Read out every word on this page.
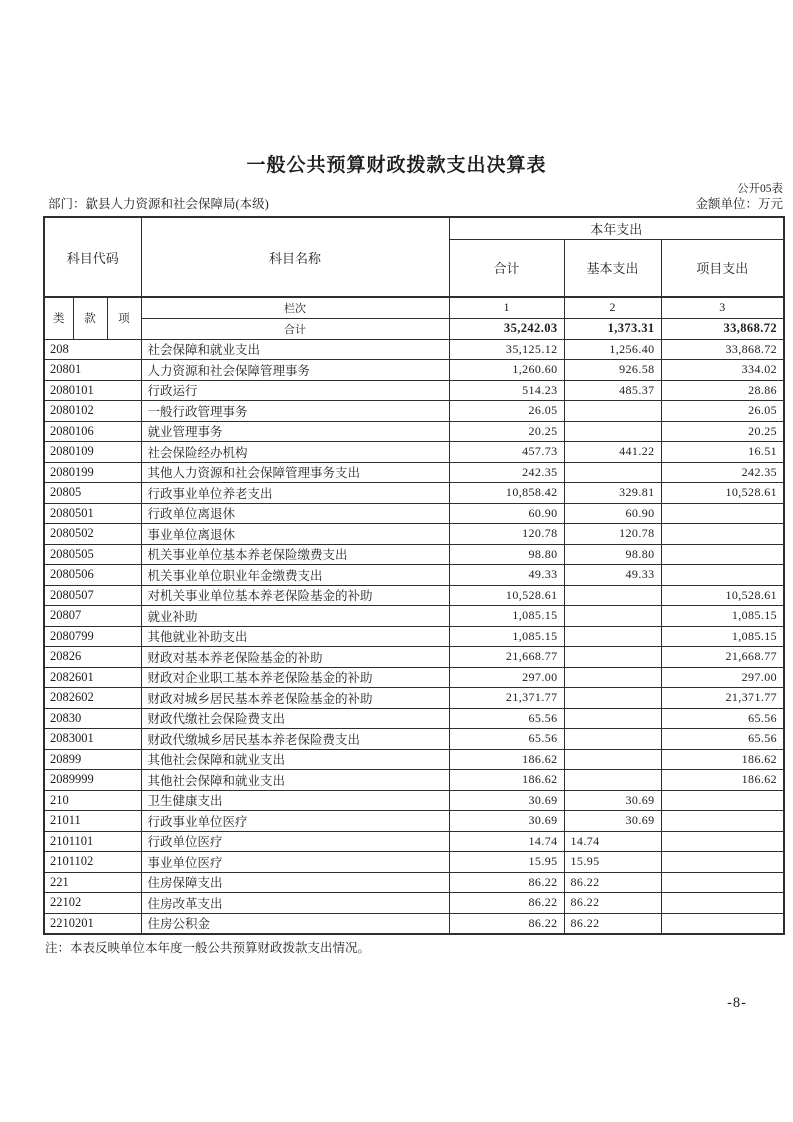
一般公共预算财政拨款支出决算表
公开05表
部门：歙县人力资源和社会保障局(本级)	金额单位：万元
科目代码			科目名称	本年支出		
				合计	基本支出	项目支出
类	款	项	栏次	1	2	3
			合计	35,242.03	1,373.31	33,868.72
208			社会保障和就业支出	35,125.12	1,256.40	33,868.72
20801			人力资源和社会保障管理事务	1,260.60	926.58	334.02
2080101			行政运行	514.23	485.37	28.86
2080102			一般行政管理事务	26.05		26.05
2080106			就业管理事务	20.25		20.25
2080109			社会保险经办机构	457.73	441.22	16.51
2080199			其他人力资源和社会保障管理事务支出	242.35		242.35
20805			行政事业单位养老支出	10,858.42	329.81	10,528.61
2080501			行政单位离退休	60.90	60.90	
2080502			事业单位离退休	120.78	120.78	
2080505			机关事业单位基本养老保险缴费支出	98.80	98.80	
2080506			机关事业单位职业年金缴费支出	49.33	49.33	
2080507			对机关事业单位基本养老保险基金的补助	10,528.61		10,528.61
20807			就业补助	1,085.15		1,085.15
2080799			其他就业补助支出	1,085.15		1,085.15
20826			财政对基本养老保险基金的补助	21,668.77		21,668.77
2082601			财政对企业职工基本养老保险基金的补助	297.00		297.00
2082602			财政对城乡居民基本养老保险基金的补助	21,371.77		21,371.77
20830			财政代缴社会保险费支出	65.56		65.56
2083001			财政代缴城乡居民基本养老保险费支出	65.56		65.56
20899			其他社会保障和就业支出	186.62		186.62
2089999			其他社会保障和就业支出	186.62		186.62
210			卫生健康支出	30.69	30.69	
21011			行政事业单位医疗	30.69	30.69	
2101101			行政单位医疗	14.74	14.74	
2101102			事业单位医疗	15.95	15.95	
221			住房保障支出	86.22	86.22	
22102			住房改革支出	86.22	86.22	
2210201			住房公积金	86.22	86.22	
注：本表反映单位本年度一般公共预算财政拨款支出情况。
-8-
